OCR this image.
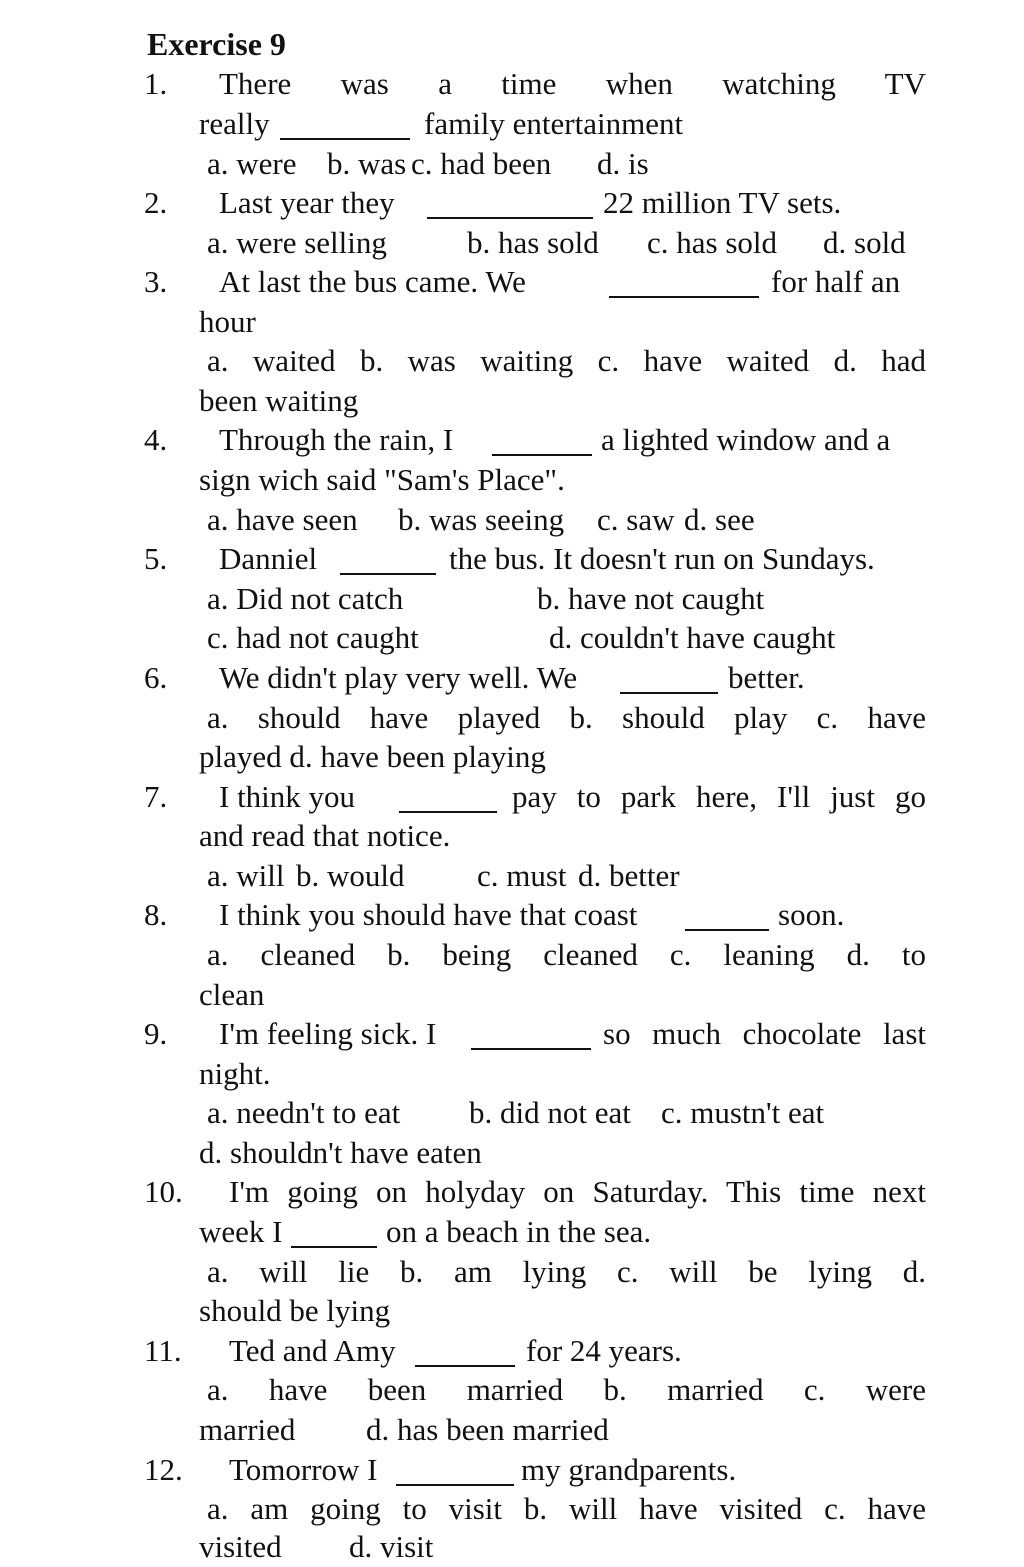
Exercise 9
1. There was a time when watching TV
really	family entertainment
a. were b. was c. had been d. is
2. Last year they	22 million TV sets.
a. were selling	b. has sold c. has sold d. sold
3. At last the bus came. We	for half an
hour
a. waited b. was waiting c. have waited d. had
been waiting
4. Through the rain, I	a lighted window and a
sign wich said "Sam's Place".
a. have seen b. was seeing c. saw d. see
5. Danniel	the bus. It doesn't run on Sundays.
a. Did not catch	b. have not caught
c. had not caught	d. couldn't have caught
6. We didn't play very well. We	better.
a. should have played b. should play c. have
played d. have been playing
7. I think you	pay to park here, I'll just go
and read that notice.
a. will b. would c. must d. better
8. I think you should have that coast	soon.
a. cleaned b. being cleaned c. leaning d. to
clean
9. I'm feeling sick. I	so much chocolate last
night.
a. needn't to eat b. did not eat c. mustn't eat
d. shouldn't have eaten
10. I'm going on holyday on Saturday. This time next
week I	on a beach in the sea.
a. will lie b. am lying c. will be lying d.
should be lying
11. Ted and Amy	for 24 years.
a. have been married b. married c. were
married d. has been married
12. Tomorrow I	my grandparents.
a. am going to visit b. will have visited c. have
visited d. visit
